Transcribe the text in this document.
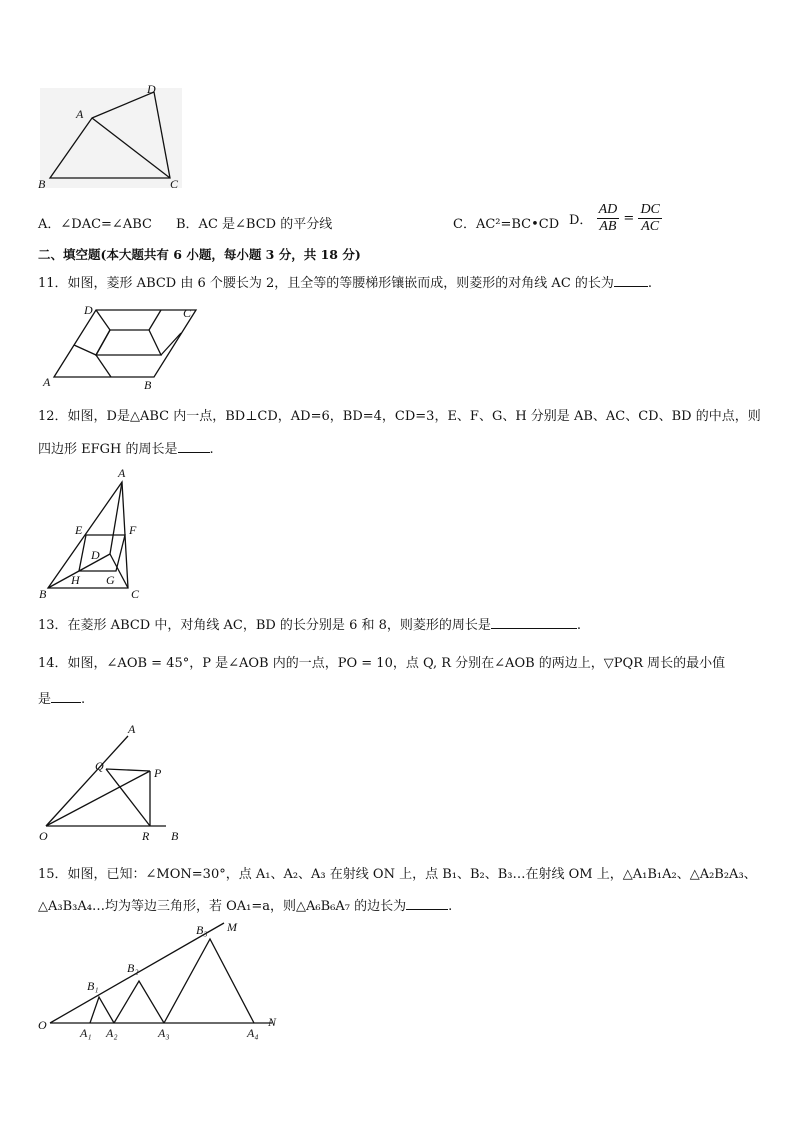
A
D
B	C
A．∠DAC=∠ABC B．AC 是∠BCD 的平分线	C．AC²=BC•CD D． $\frac{AD}{AB} = \frac{DC}{AC}$
二、填空题(本大题共有 6 小题，每小题 3 分，共 18 分)
11．如图，菱形 ABCD 由 6 个腰长为 2，且全等的等腰梯形镶嵌而成，则菱形的对角线 AC 的长为	.
D	C
A	B
12．如图，D是△ABC 内一点，BD⊥CD，AD=6，BD=4，CD=3，E、F、G、H 分别是 AB、AC、CD、BD 的中点，则
四边形 EFGH 的周长是 .
A
E	F
D
H G
B	C
13．在菱形 ABCD 中，对角线 AC，BD 的长分别是 6 和 8，则菱形的周长是	.
14．如图，∠AOB = 45°，P 是∠AOB 内的一点，PO = 10，点 Q, R 分别在∠AOB 的两边上，▽PQR 周长的最小值
是 .
A
Q	P
O	R B
15．如图，已知：∠MON=30°，点 A₁、A₂、A₃ 在射线 ON 上，点 B₁、B₂、B₃…在射线 OM 上，△A₁B₁A₂、△A₂B₂A₃、
△A₃B₃A₄…均为等边三角形，若 OA₁=a，则△A₆B₆A₇ 的边长为	.
O
M
N
A₁ A₂	A₃	A₄
B₁
B₂
B₃
